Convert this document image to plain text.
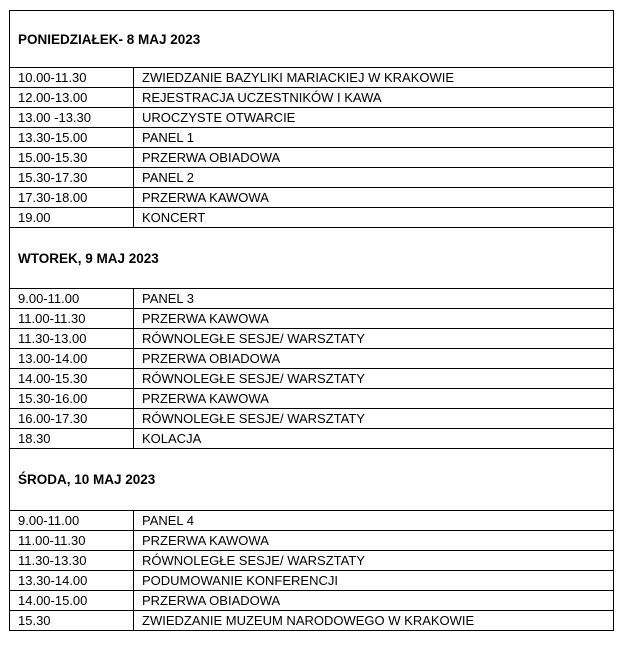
PONIEDZIAŁEK- 8 MAJ 2023	
10.00-11.30	ZWIEDZANIE BAZYLIKI MARIACKIEJ W KRAKOWIE
12.00-13.00	REJESTRACJA UCZESTNIKÓW I KAWA
13.00 -13.30	UROCZYSTE OTWARCIE
13.30-15.00	PANEL 1
15.00-15.30	PRZERWA OBIADOWA
15.30-17.30	PANEL 2
17.30-18.00	PRZERWA KAWOWA
19.00	KONCERT
WTOREK, 9 MAJ 2023	
9.00-11.00	PANEL 3
11.00-11.30	PRZERWA KAWOWA
11.30-13.00	RÓWNOLEGŁE SESJE/ WARSZTATY
13.00-14.00	PRZERWA OBIADOWA
14.00-15.30	RÓWNOLEGŁE SESJE/ WARSZTATY
15.30-16.00	PRZERWA KAWOWA
16.00-17.30	RÓWNOLEGŁE SESJE/ WARSZTATY
18.30	KOLACJA
ŚRODA, 10 MAJ 2023	
9.00-11.00	PANEL 4
11.00-11.30	PRZERWA KAWOWA
11.30-13.30	RÓWNOLEGŁE SESJE/ WARSZTATY
13.30-14.00	PODUMOWANIE KONFERENCJI
14.00-15.00	PRZERWA OBIADOWA
15.30	ZWIEDZANIE MUZEUM NARODOWEGO W KRAKOWIE
